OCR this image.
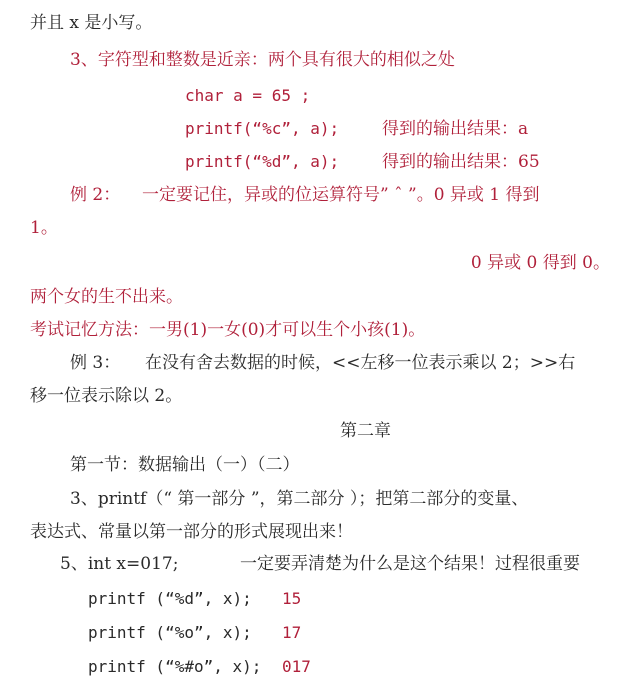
并且 x 是小写。
3、字符型和整数是近亲：两个具有很大的相似之处
char a = 65 ;
printf(“%c”, a);	得到的输出结果：a
printf(“%d”, a);	得到的输出结果：65
例 2： 一定要记住，异或的位运算符号” ˆ ”。0 异或 1 得到
1。
0 异或 0 得到 0。
两个女的生不出来。
考试记忆方法：一男(1)一女(0)才可以生个小孩(1)。
例 3： 在没有舍去数据的时候，<<左移一位表示乘以 2；>>右
移一位表示除以 2。
第二章
第一节：数据输出（一）（二）
3、printf（“ 第一部分 ”，第二部分 ）；把第二部分的变量、
表达式、常量以第一部分的形式展现出来！
5、int x=017;	一定要弄清楚为什么是这个结果！过程很重要
printf (“%d”, x); 15
printf (“%o”, x); 17
printf (“%#o”, x); 017
